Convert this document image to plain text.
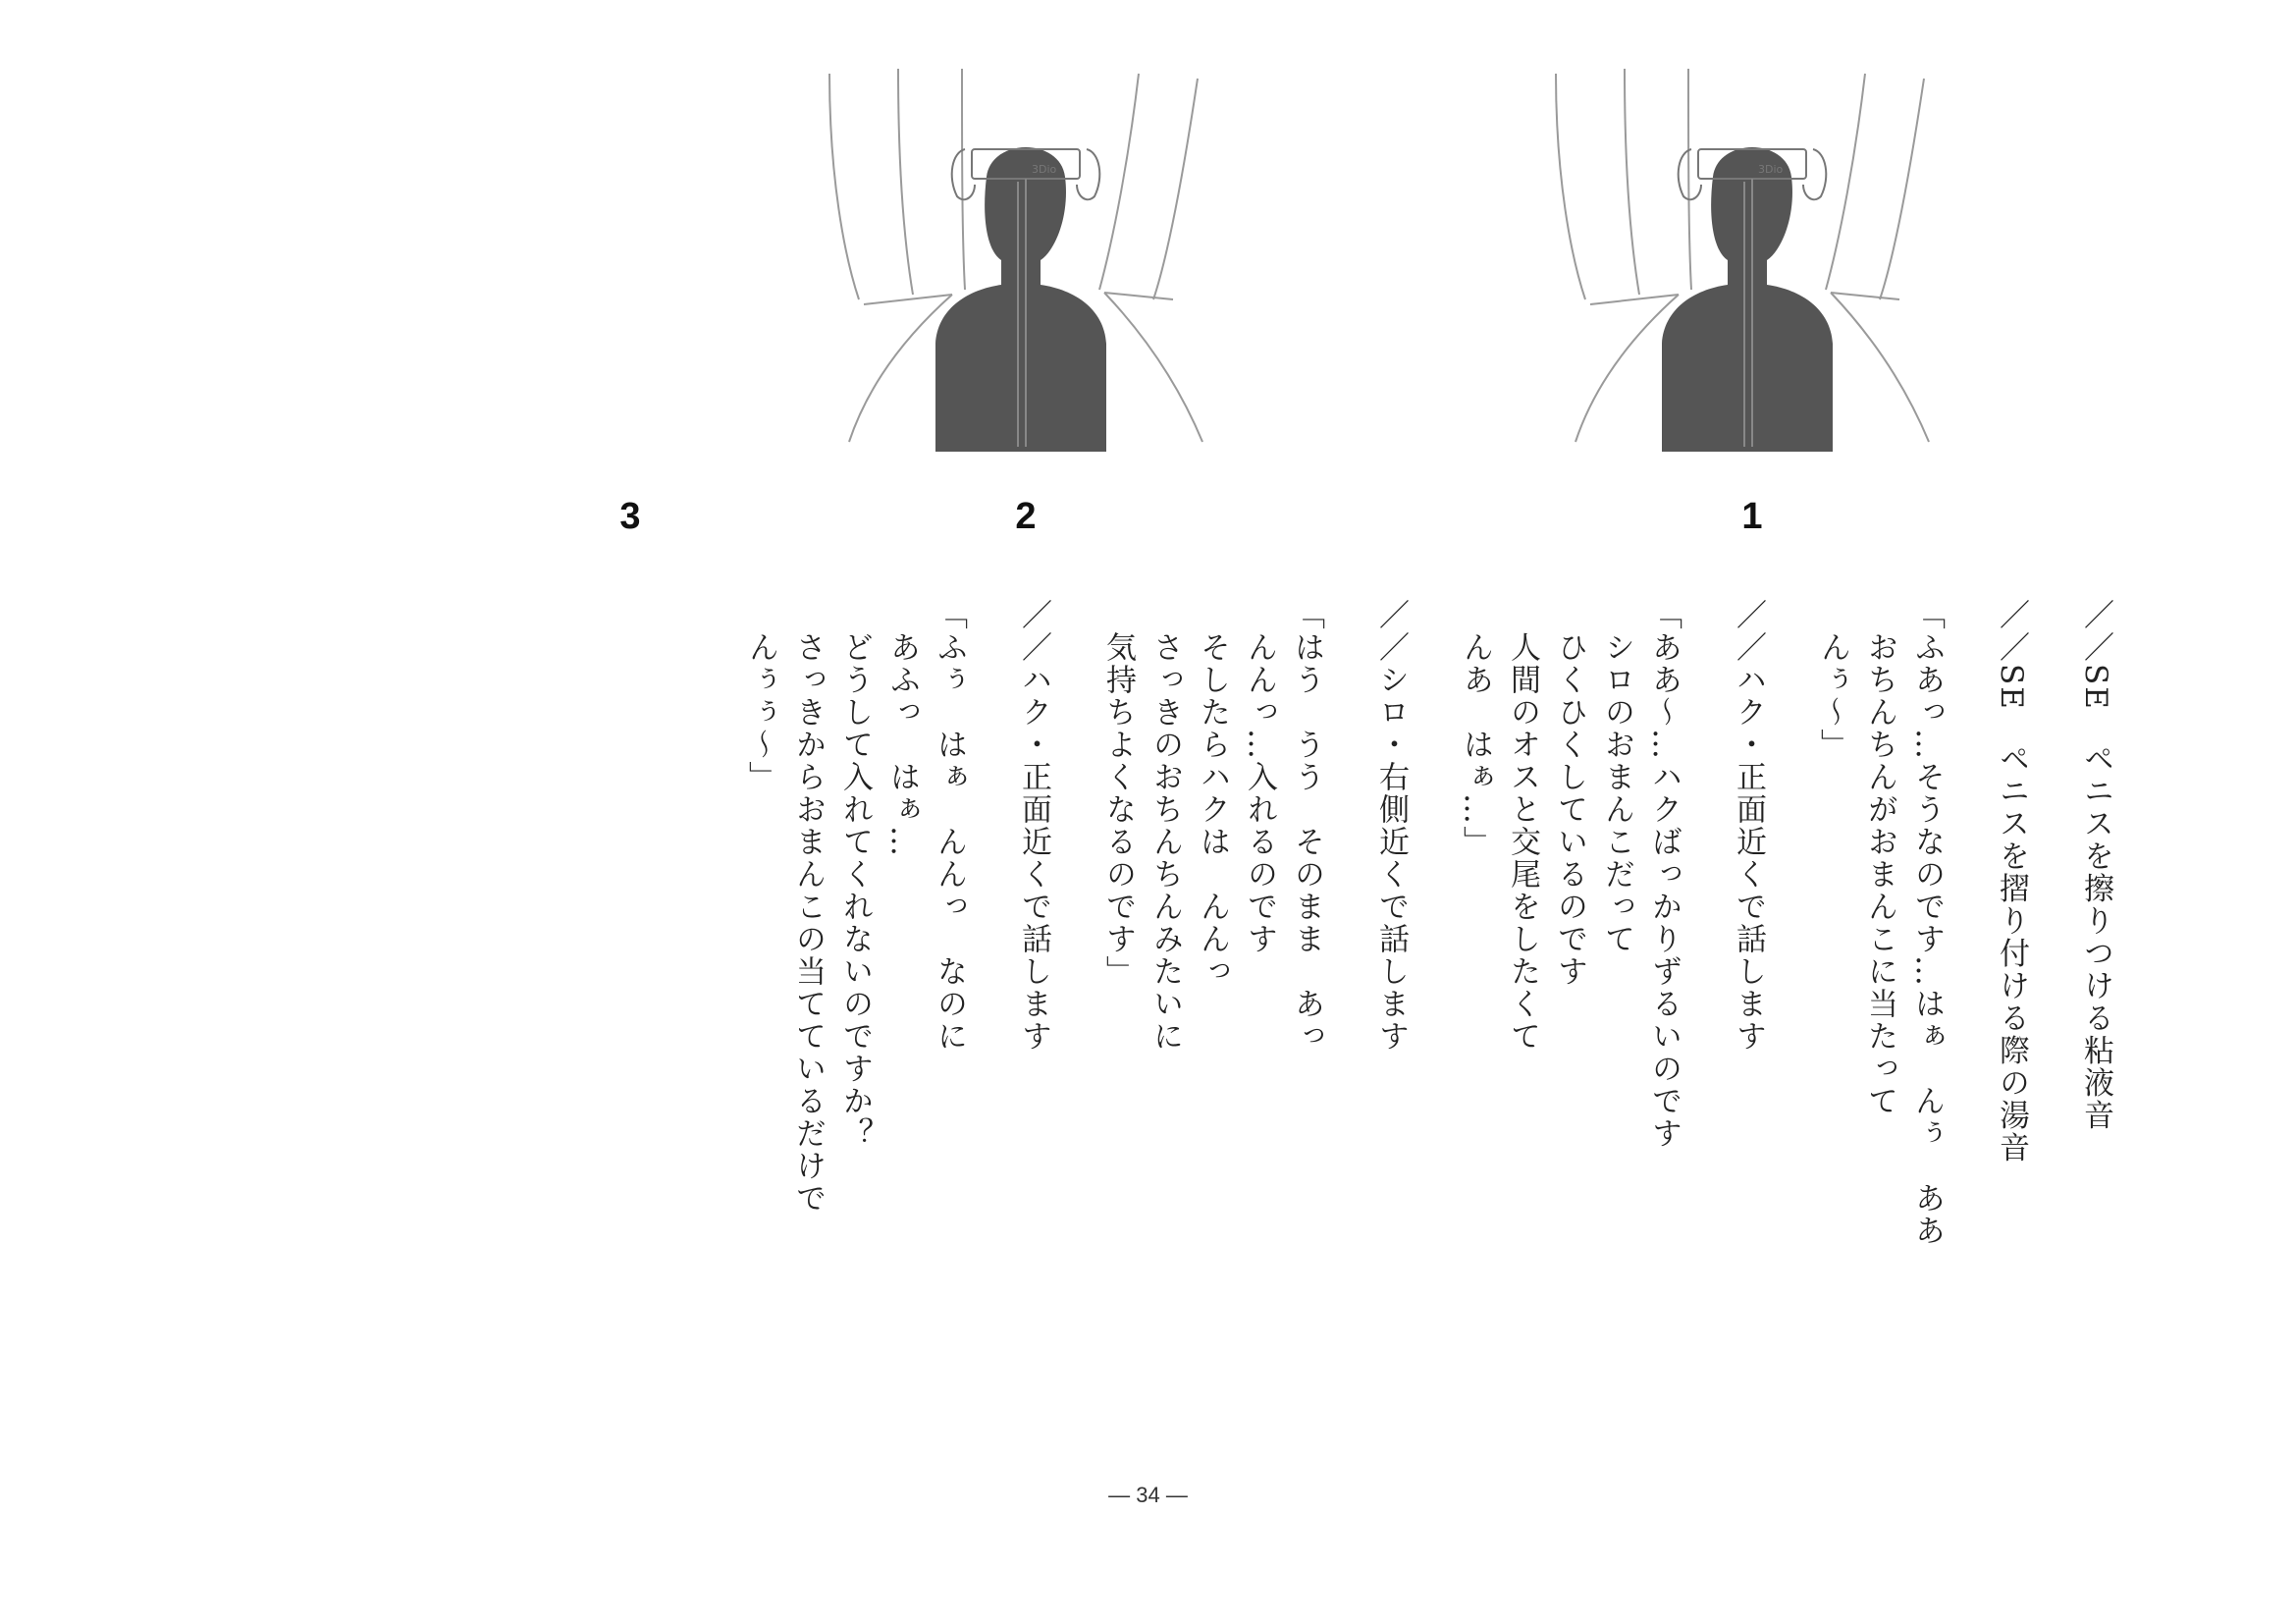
3Dio
3Dio
1
2
3
／／SE　ペニスを擦りつける粘液音
／／SE　ペニスを摺り付ける際の湯音
「ふあっ…そうなのです…はぁ　んぅ　ああ
　おちんちんがおまんこに当たって
　んぅ〜」
／／ハク・正面近くで話します
「ああ〜…ハクばっかりずるいのです
　シロのおまんこだって
　ひくひくしているのです
　人間のオスと交尾をしたくて
　んあ　はぁ…」
／／シロ・右側近くで話します
「はう　うう　そのまま　あっ
　んんっ…入れるのです
　そしたらハクは　んんっ
　さっきのおちんちんみたいに
　気持ちよくなるのです」
／／ハク・正面近くで話します
「ふぅ　はぁ　んんっ　なのに
　あふっ　はぁ…
　どうして入れてくれないのですか？
　さっきからおまんこの当てているだけで
　んぅぅ〜」
― 34 ―
